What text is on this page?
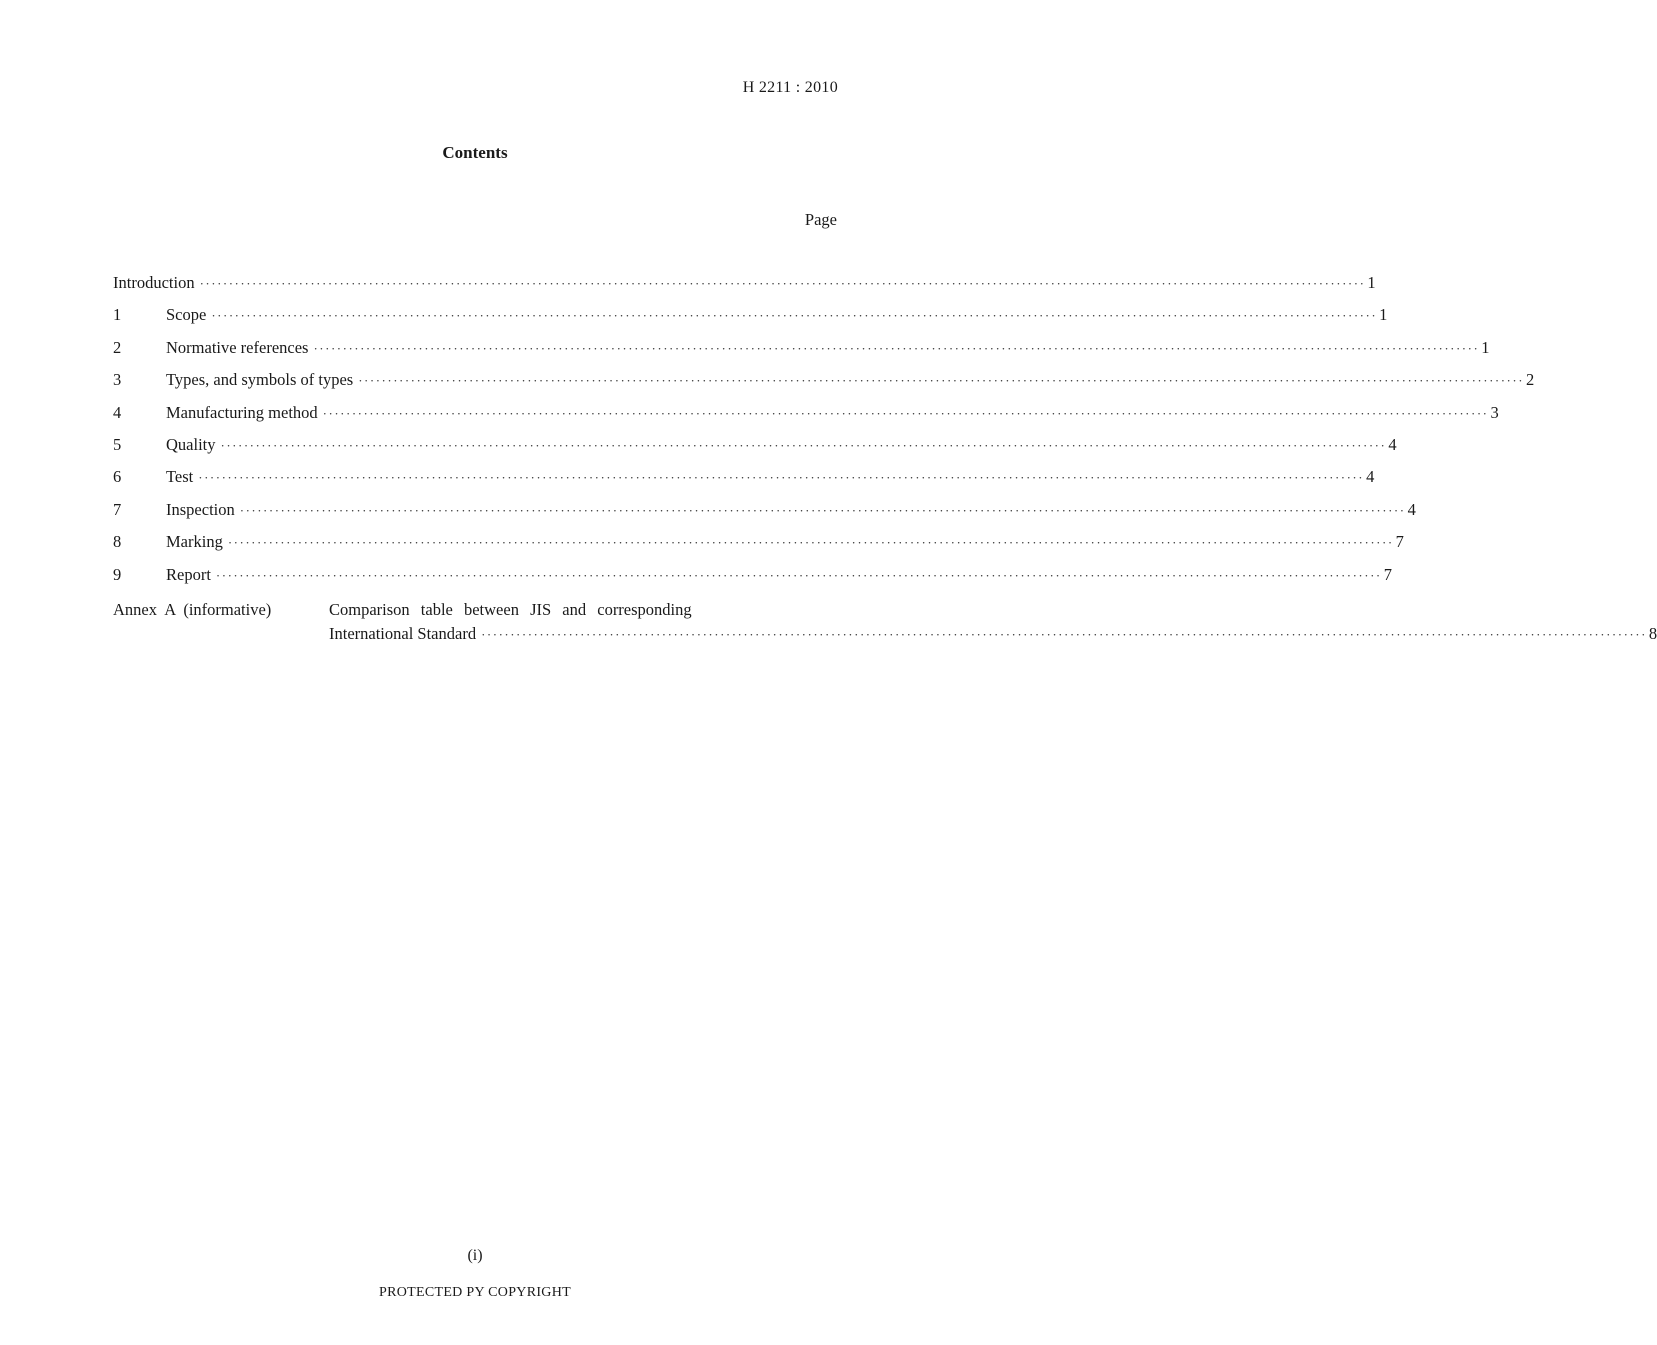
H 2211 : 2010
Contents
Page
Introduction ········································································································································································································ 1
1	Scope ········································································································································································································ 1
2	Normative references ········································································································································································································ 1
3	Types, and symbols of types ········································································································································································································ 2
4	Manufacturing method ········································································································································································································ 3
5	Quality ········································································································································································································ 4
6	Test ········································································································································································································ 4
7	Inspection ········································································································································································································ 4
8	Marking ········································································································································································································ 7
9	Report ········································································································································································································ 7
Annex A (informative)	Comparison table between JIS and corresponding
International Standard ········································································································································································································ 8
(i)
PROTECTED PY COPYRIGHT
